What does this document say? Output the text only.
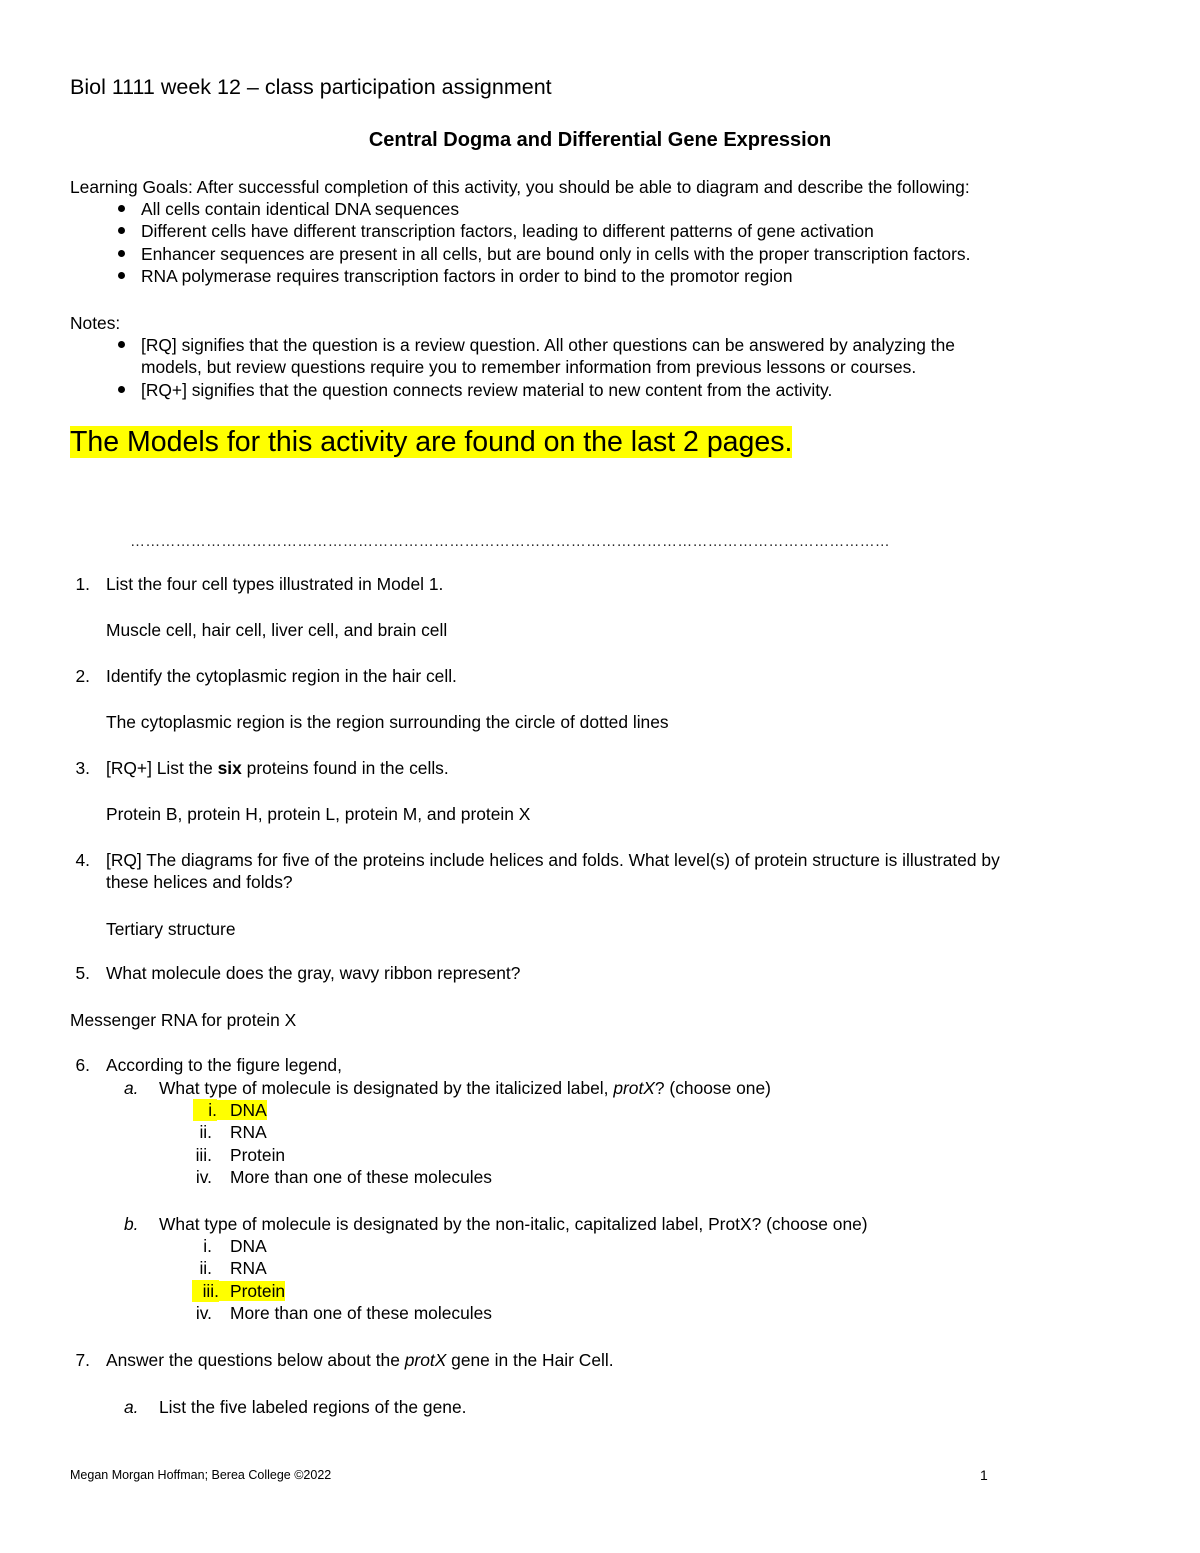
Biol 1111 week 12 – class participation assignment
Central Dogma and Differential Gene Expression
Learning Goals: After successful completion of this activity, you should be able to diagram and describe the following:
All cells contain identical DNA sequences
Different cells have different transcription factors, leading to different patterns of gene activation
Enhancer sequences are present in all cells, but are bound only in cells with the proper transcription factors.
RNA polymerase requires transcription factors in order to bind to the promotor region
Notes:
[RQ] signifies that the question is a review question. All other questions can be answered by analyzing the
models, but review questions require you to remember information from previous lessons or courses.
[RQ+] signifies that the question connects review material to new content from the activity.
The Models for this activity are found on the last 2 pages.
……………………………………………………………………………………………………………………………………
1. List the four cell types illustrated in Model 1.
Muscle cell, hair cell, liver cell, and brain cell
2. Identify the cytoplasmic region in the hair cell.
The cytoplasmic region is the region surrounding the circle of dotted lines
3. [RQ+] List the six proteins found in the cells.
Protein B, protein H, protein L, protein M, and protein X
4. [RQ] The diagrams for five of the proteins include helices and folds. What level(s) of protein structure is illustrated by
these helices and folds?
Tertiary structure
5. What molecule does the gray, wavy ribbon represent?
Messenger RNA for protein X
6. According to the figure legend,
a. What type of molecule is designated by the italicized label, protX? (choose one)
i. DNA
ii. RNA
iii. Protein
iv. More than one of these molecules
b. What type of molecule is designated by the non-italic, capitalized label, ProtX? (choose one)
i. DNA
ii. RNA
iii. Protein
iv. More than one of these molecules
7. Answer the questions below about the protX gene in the Hair Cell.
a. List the five labeled regions of the gene.
Megan Morgan Hoffman; Berea College ©2022	1
